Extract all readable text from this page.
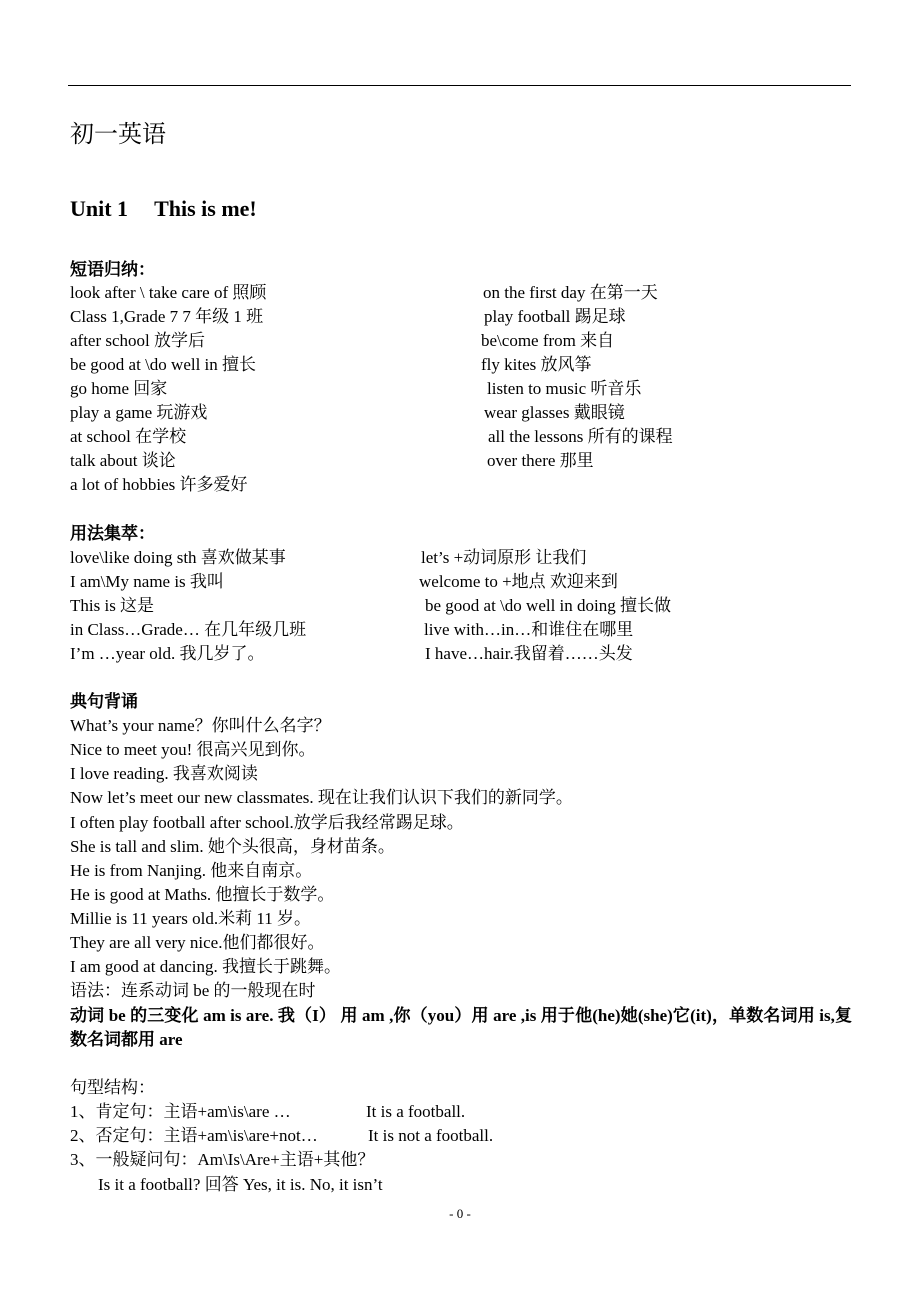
初一英语
Unit 1 This is me!
短语归纳：
look after \ take care of 照顾
Class 1,Grade 7 7 年级 1 班
after school 放学后
be good at \do well in 擅长
go home 回家
play a game 玩游戏
at school 在学校
talk about 谈论
a lot of hobbies 许多爱好
on the first day 在第一天
play football 踢足球
be\come from 来自
fly kites 放风筝
listen to music 听音乐
wear glasses 戴眼镜
all the lessons 所有的课程
over there 那里
用法集萃：
love\like doing sth 喜欢做某事
I am\My name is 我叫
This is 这是
in Class…Grade… 在几年级几班
I’m …year old. 我几岁了。
let’s +动词原形 让我们
welcome to +地点 欢迎来到
be good at \do well in doing 擅长做
live with…in…和谁住在哪里
I have…hair.我留着……头发
典句背诵
What’s your name？你叫什么名字？
Nice to meet you! 很高兴见到你。
I love reading. 我喜欢阅读
Now let’s meet our new classmates. 现在让我们认识下我们的新同学。
I often play football after school.放学后我经常踢足球。
She is tall and slim. 她个头很高，身材苗条。
He is from Nanjing. 他来自南京。
He is good at Maths. 他擅长于数学。
Millie is 11 years old.米莉 11 岁。
They are all very nice.他们都很好。
I am good at dancing. 我擅长于跳舞。
语法：连系动词 be 的一般现在时
动词 be 的三变化 am is are. 我（I） 用 am ,你（you）用 are ,is 用于他(he)她(she)它(it)，单数名词用 is,复数名词都用 are
句型结构：
1、肯定句：主语+am\is\are …	It is a football.
2、否定句：主语+am\is\are+not…	It is not a football.
3、一般疑问句：Am\Is\Are+主语+其他？
Is it a football? 回答 Yes, it is. No, it isn’t
- 0 -
